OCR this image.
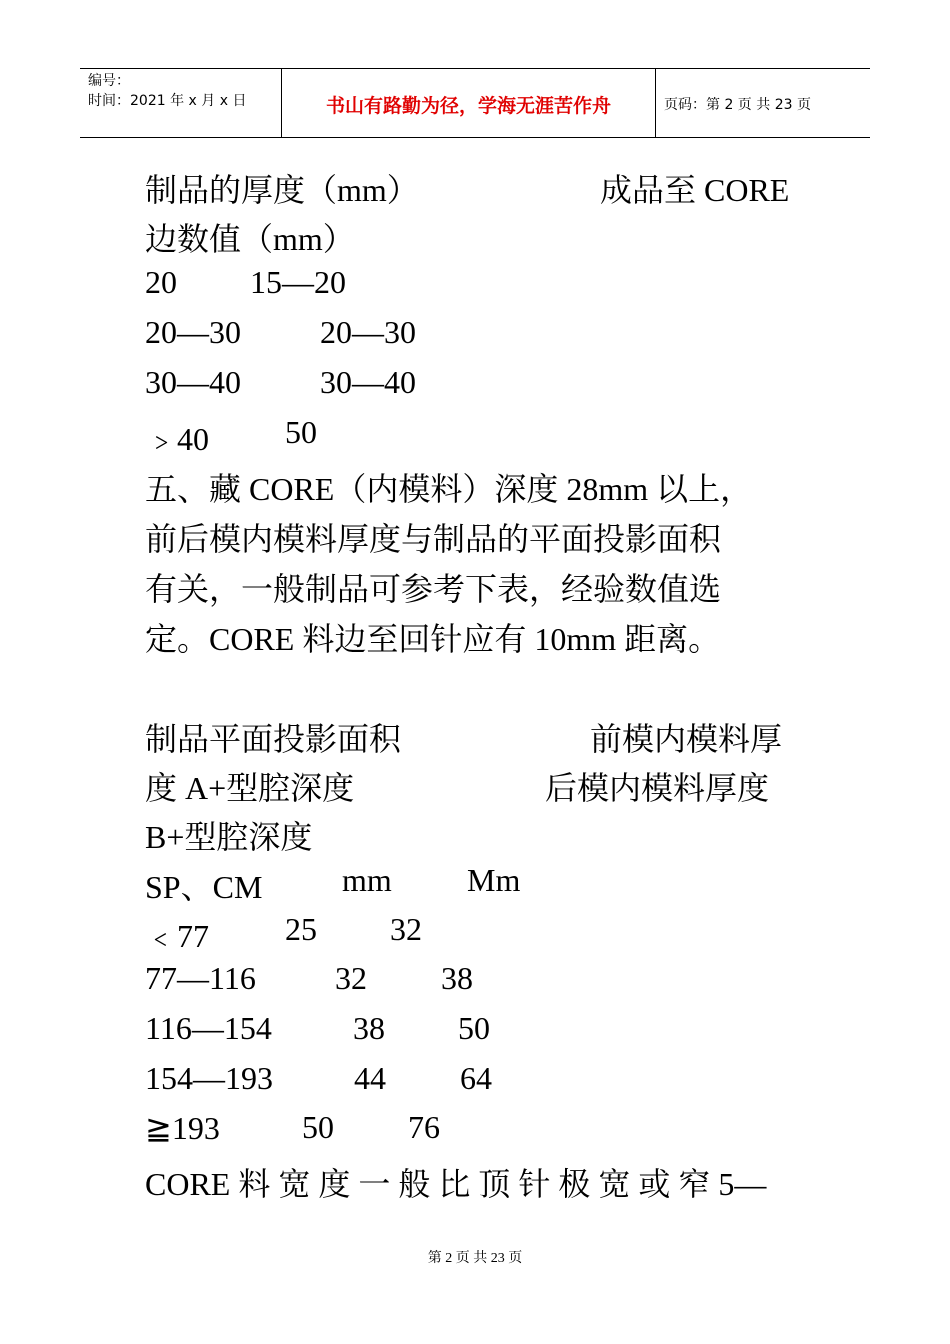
编号：
时间：2021 年 x 月 x 日	书山有路勤为径，学海无涯苦作舟	页码：第 2 页 共 23 页
制品的厚度（mm）	成品至 CORE
边数值（mm）
20 15—20
20—30 20—30
30—40 30—40
﹥40 50
五、藏 CORE（内模料）深度 28mm 以上，
前后模内模料厚度与制品的平面投影面积
有关，一般制品可参考下表，经验数值选
定。CORE 料边至回针应有 10mm 距离。
制品平面投影面积	前模内模料厚
度 A+型腔深度	后模内模料厚度
B+型腔深度
SP、CM mm Mm
﹤77 25 32
77—116 32 38
116—154	38 50
154—193	44 64
≧193	50 76
CORE 料 宽 度 一 般 比 顶 针 极 宽 或 窄 5—
第 2 页 共 23 页
